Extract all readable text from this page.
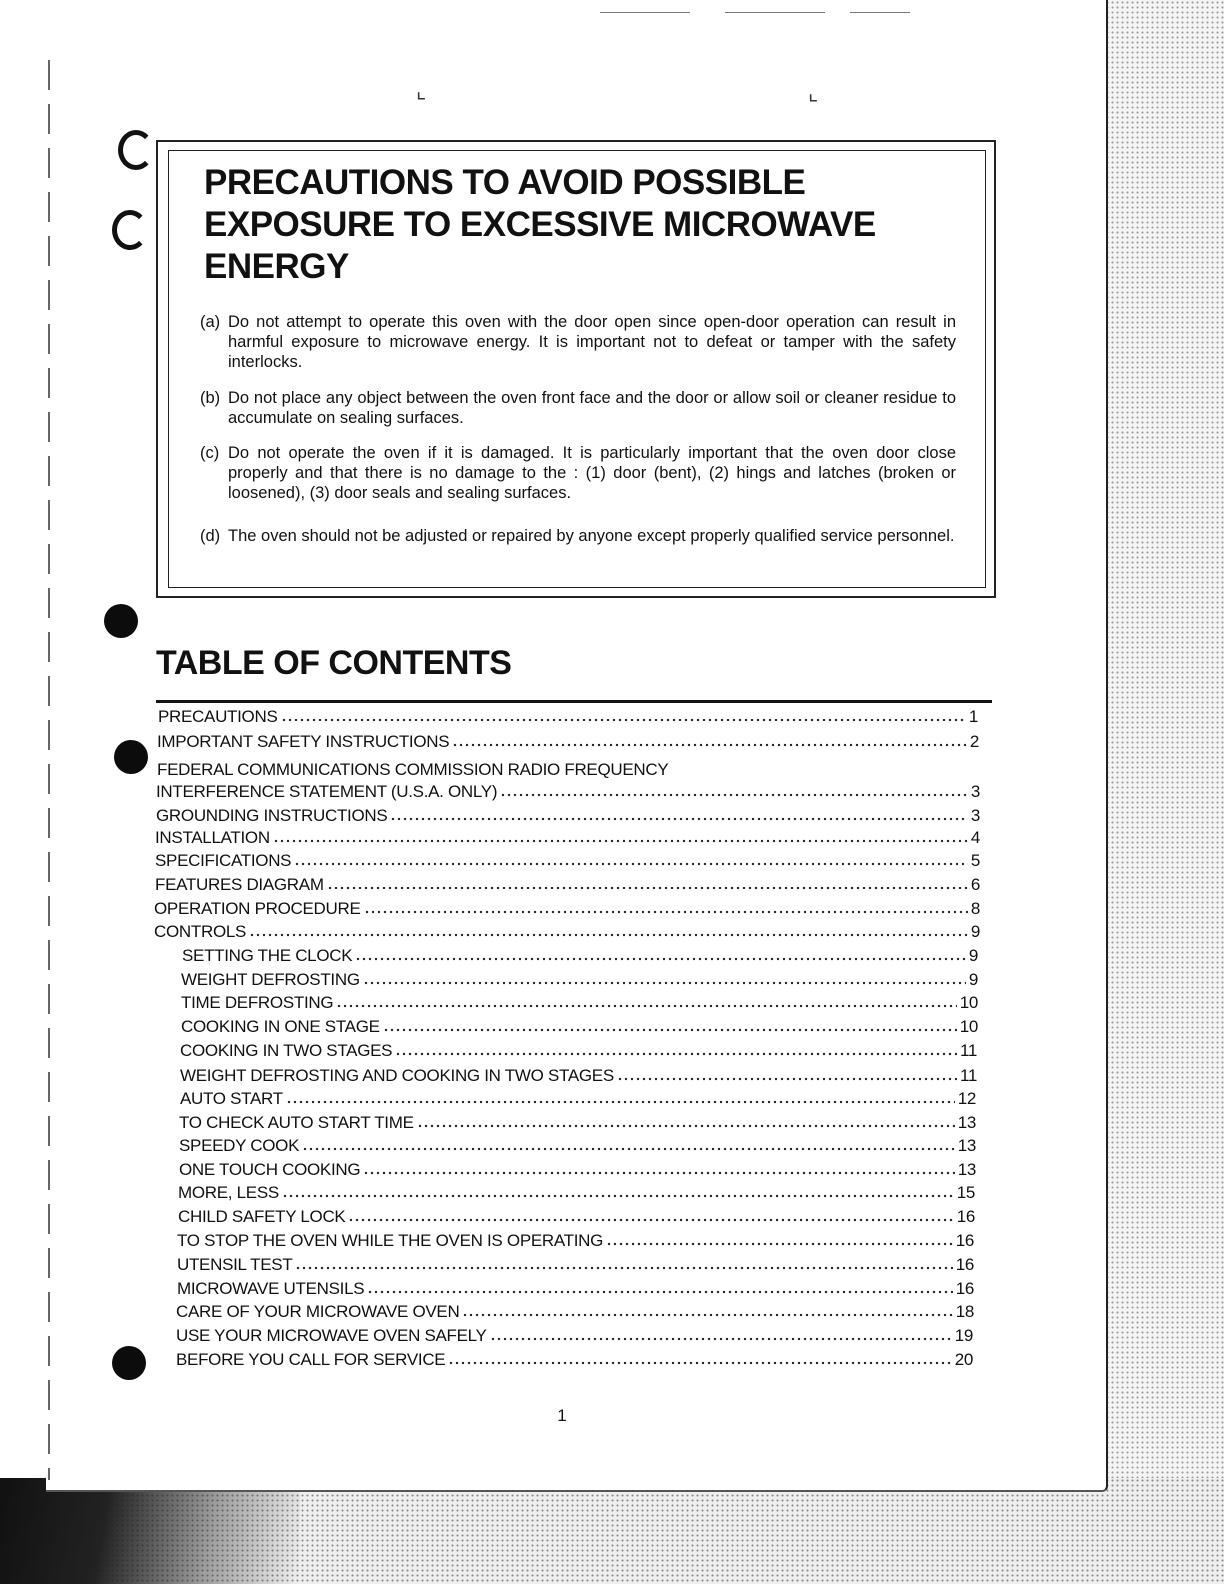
⌞	⌞
PRECAUTIONS TO AVOID POSSIBLE
EXPOSURE TO EXCESSIVE MICROWAVE
ENERGY
(a) Do not attempt to operate this oven with the door open since open-door operation can result in harmful exposure to microwave energy. It is important not to defeat or tamper with the safety interlocks.
(b) Do not place any object between the oven front face and the door or allow soil or cleaner residue to accumulate on sealing surfaces.
(c) Do not operate the oven if it is damaged. It is particularly important that the oven door close properly and that there is no damage to the : (1) door (bent), (2) hings and latches (broken or loosened), (3) door seals and sealing surfaces.
(d) The oven should not be adjusted or repaired by anyone except properly qualified service personnel.
TABLE OF CONTENTS
PRECAUTIONS	1
IMPORTANT SAFETY INSTRUCTIONS	2
FEDERAL COMMUNICATIONS COMMISSION RADIO FREQUENCY
INTERFERENCE STATEMENT (U.S.A. ONLY)	3
GROUNDING INSTRUCTIONS	3
INSTALLATION	4
SPECIFICATIONS	5
FEATURES DIAGRAM	6
OPERATION PROCEDURE	8
CONTROLS	9
SETTING THE CLOCK	9
WEIGHT DEFROSTING	9
TIME DEFROSTING	10
COOKING IN ONE STAGE	10
COOKING IN TWO STAGES	11
WEIGHT DEFROSTING AND COOKING IN TWO STAGES	11
AUTO START	12
TO CHECK AUTO START TIME	13
SPEEDY COOK	13
ONE TOUCH COOKING	13
MORE, LESS	15
CHILD SAFETY LOCK	16
TO STOP THE OVEN WHILE THE OVEN IS OPERATING	16
UTENSIL TEST	16
MICROWAVE UTENSILS	16
CARE OF YOUR MICROWAVE OVEN	18
USE YOUR MICROWAVE OVEN SAFELY	19
BEFORE YOU CALL FOR SERVICE	20
1
